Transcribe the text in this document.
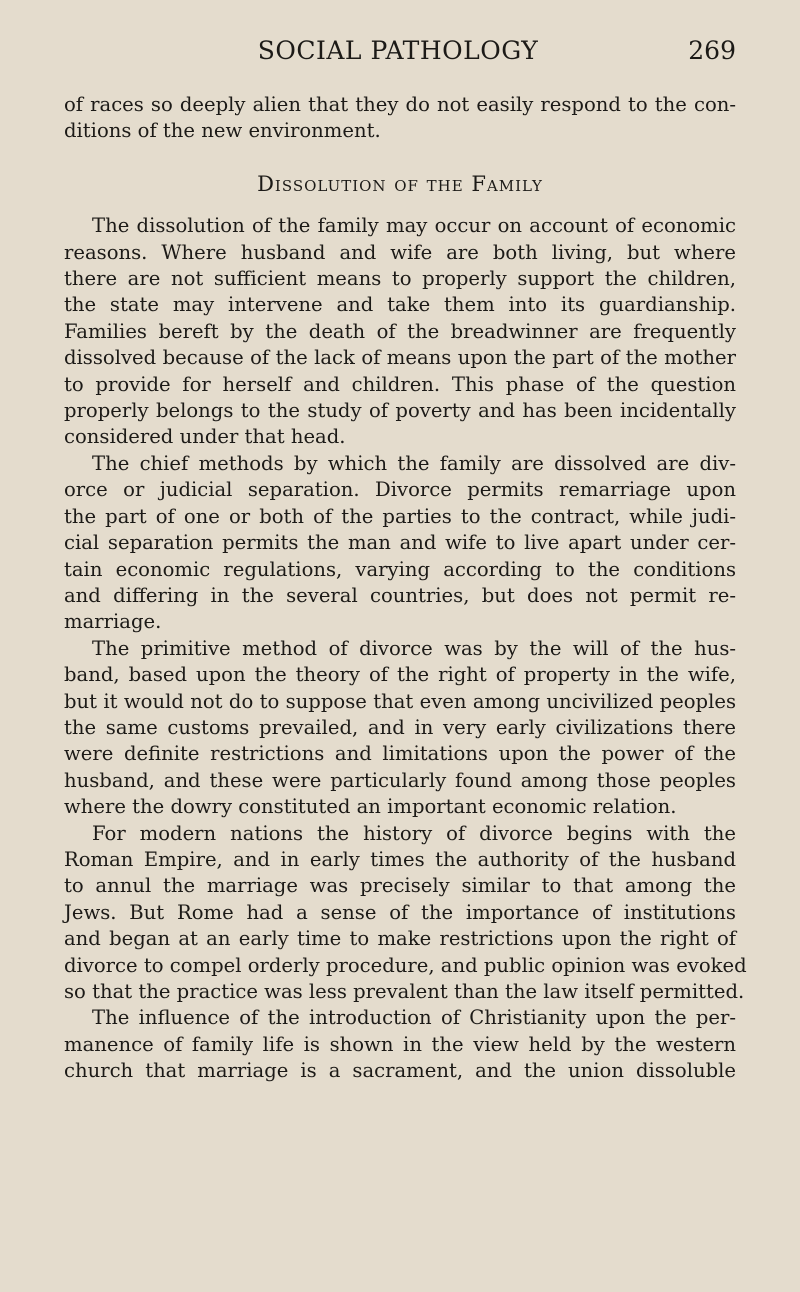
SOCIAL PATHOLOGY	269

of races so deeply alien that they do not easily respond to the con-
ditions of the new environment.

Dissolution of the Family

The dissolution of the family may occur on account of economic
reasons. Where husband and wife are both living, but where
there are not sufficient means to properly support the children,
the state may intervene and take them into its guardianship.
Families bereft by the death of the breadwinner are frequently
dissolved because of the lack of means upon the part of the mother
to provide for herself and children. This phase of the question
properly belongs to the study of poverty and has been incidentally
considered under that head.

The chief methods by which the family are dissolved are div-
orce or judicial separation. Divorce permits remarriage upon
the part of one or both of the parties to the contract, while judi-
cial separation permits the man and wife to live apart under cer-
tain economic regulations, varying according to the conditions
and differing in the several countries, but does not permit re-
marriage.

The primitive method of divorce was by the will of the hus-
band, based upon the theory of the right of property in the wife,
but it would not do to suppose that even among uncivilized peoples
the same customs prevailed, and in very early civilizations there
were definite restrictions and limitations upon the power of the
husband, and these were particularly found among those peoples
where the dowry constituted an important economic relation.

For modern nations the history of divorce begins with the
Roman Empire, and in early times the authority of the husband
to annul the marriage was precisely similar to that among the
Jews. But Rome had a sense of the importance of institutions
and began at an early time to make restrictions upon the right of
divorce to compel orderly procedure, and public opinion was evoked
so that the practice was less prevalent than the law itself permitted.

The influence of the introduction of Christianity upon the per-
manence of family life is shown in the view held by the western
church that marriage is a sacrament, and the union dissoluble
